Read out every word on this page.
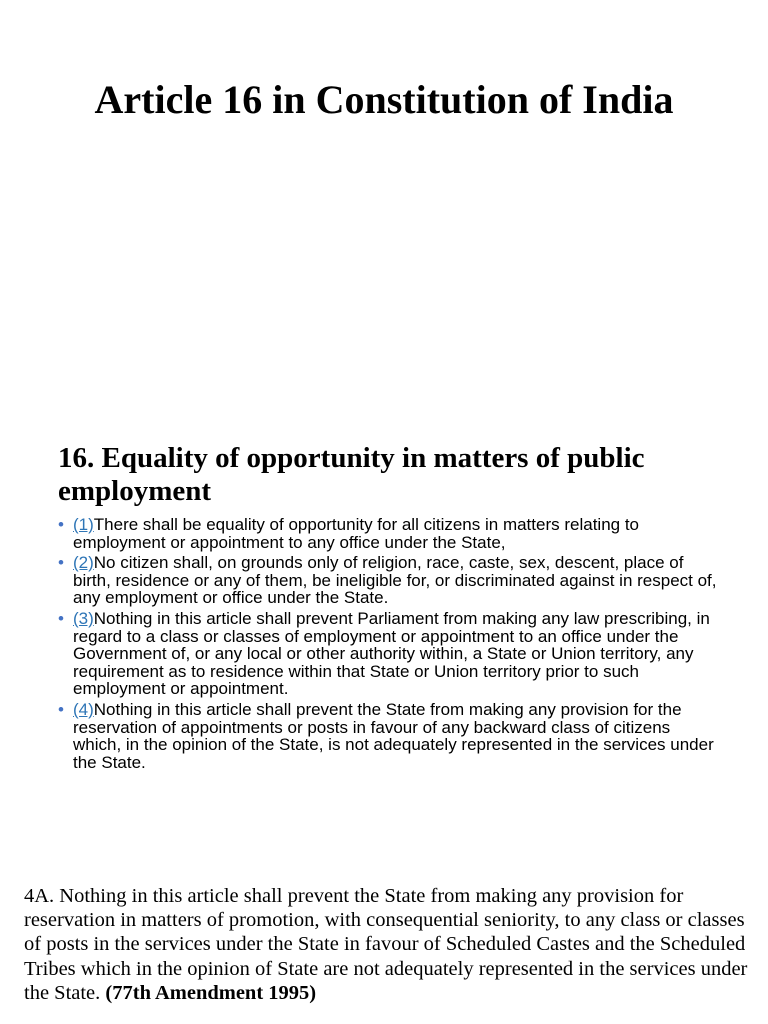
Article 16 in Constitution of India
16. Equality of opportunity in matters of public employment
• (1)There shall be equality of opportunity for all citizens in matters relating to employment or appointment to any office under the State,
• (2)No citizen shall, on grounds only of religion, race, caste, sex, descent, place of birth, residence or any of them, be ineligible for, or discriminated against in respect of, any employment or office under the State.
• (3)Nothing in this article shall prevent Parliament from making any law prescribing, in regard to a class or classes of employment or appointment to an office under the Government of, or any local or other authority within, a State or Union territory, any requirement as to residence within that State or Union territory prior to such employment or appointment.
• (4)Nothing in this article shall prevent the State from making any provision for the reservation of appointments or posts in favour of any backward class of citizens which, in the opinion of the State, is not adequately represented in the services under the State.

4A. Nothing in this article shall prevent the State from making any provision for reservation in matters of promotion, with consequential seniority, to any class or classes of posts in the services under the State in favour of Scheduled Castes and the Scheduled Tribes which in the opinion of State are not adequately represented in the services under the State. (77th Amendment 1995)
